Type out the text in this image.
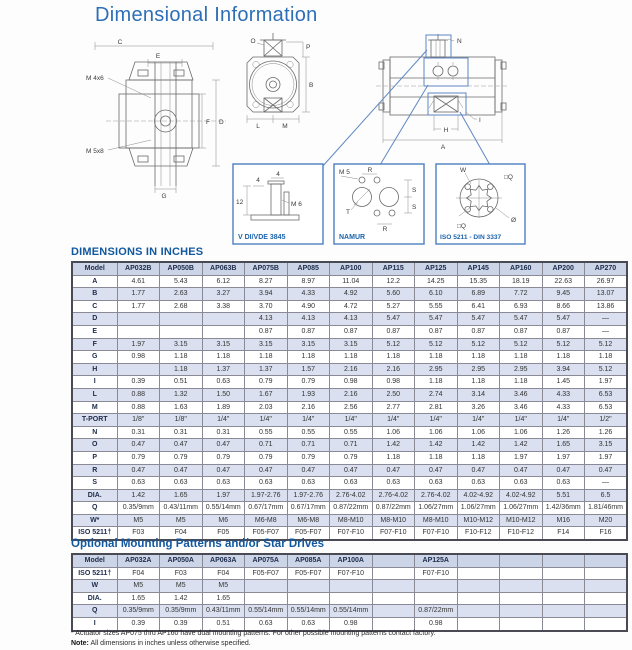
Dimensional Information
C
E
G
F D
M 4x6
M 5x8
O
P
B
L	M
N
H
I
A
4
4
12	M 6
V DI/VDE 3845
M 5	R
S
S
T
R
NAMUR
W
□Q
□Q
Ø
ISO 5211 - DIN 3337
DIMENSIONS IN INCHES
Model	AP032B	AP050B	AP063B	AP075B	AP085	AP100	AP115	AP125	AP145	AP160	AP200	AP270
A	4.61	5.43	6.12	8.27	8.97	11.04	12.2	14.25	15.35	18.19	22.63	26.97
B	1.77	2.63	3.27	3.94	4.33	4.92	5.60	6.10	6.89	7.72	9.45	13.07
C	1.77	2.68	3.38	3.70	4.90	4.72	5.27	5.55	6.41	6.93	8.66	13.86
D				4.13	4.13	4.13	5.47	5.47	5.47	5.47	5.47	—
E				0.87	0.87	0.87	0.87	0.87	0.87	0.87	0.87	—
F	1.97	3.15	3.15	3.15	3.15	3.15	5.12	5.12	5.12	5.12	5.12	5.12
G	0.98	1.18	1.18	1.18	1.18	1.18	1.18	1.18	1.18	1.18	1.18	1.18
H		1.18	1.37	1.37	1.57	2.16	2.16	2.95	2.95	2.95	3.94	5.12
I	0.39	0.51	0.63	0.79	0.79	0.98	0.98	1.18	1.18	1.18	1.45	1.97
L	0.88	1.32	1.50	1.67	1.93	2.16	2.50	2.74	3.14	3.46	4.33	6.53
M	0.88	1.63	1.89	2.03	2.16	2.56	2.77	2.81	3.26	3.46	4.33	6.53
T-PORT	1/8"	1/8"	1/4"	1/4"	1/4"	1/4"	1/4"	1/4"	1/4"	1/4"	1/4"	1/2"
N	0.31	0.31	0.31	0.55	0.55	0.55	1.06	1.06	1.06	1.06	1.26	1.26
O	0.47	0.47	0.47	0.71	0.71	0.71	1.42	1.42	1.42	1.42	1.65	3.15
P	0.79	0.79	0.79	0.79	0.79	0.79	1.18	1.18	1.18	1.97	1.97	1.97
R	0.47	0.47	0.47	0.47	0.47	0.47	0.47	0.47	0.47	0.47	0.47	0.47
S	0.63	0.63	0.63	0.63	0.63	0.63	0.63	0.63	0.63	0.63	0.63	—
DIA.	1.42	1.65	1.97	1.97-2.76	1.97-2.76	2.76-4.02	2.76-4.02	2.76-4.02	4.02-4.92	4.02-4.92	5.51	6.5
Q	0.35/9mm	0.43/11mm	0.55/14mm	0.67/17mm	0.67/17mm	0.87/22mm	0.87/22mm	1.06/27mm	1.06/27mm	1.06/27mm	1.42/36mm	1.81/46mm
W*	M5	M5	M6	M6-M8	M6-M8	M8-M10	M8-M10	M8-M10	M10-M12	M10-M12	M16	M20
ISO 5211†	F03	F04	F05	F05-F07	F05-F07	F07-F10	F07-F10	F07-F10	F10-F12	F10-F12	F14	F16
Optional Mounting Patterns and/or Star Drives
Model	AP032A	AP050A	AP063A	AP075A	AP085A	AP100A		AP125A				
ISO 5211†	F04	F03	F04	F05-F07	F05-F07	F07-F10		F07-F10				
W	M5	M5	M5									
DIA.	1.65	1.42	1.65									
Q	0.35/9mm	0.35/9mm	0.43/11mm	0.55/14mm	0.55/14mm	0.55/14mm		0.87/22mm				
I	0.39	0.39	0.51	0.63	0.63	0.98		0.98				
* Actuator sizes AP075 thru AP160 have dual mounting patterns. For other possible mounting patterns contact factory.
Note: All dimensions in inches unless otherwise specified.
